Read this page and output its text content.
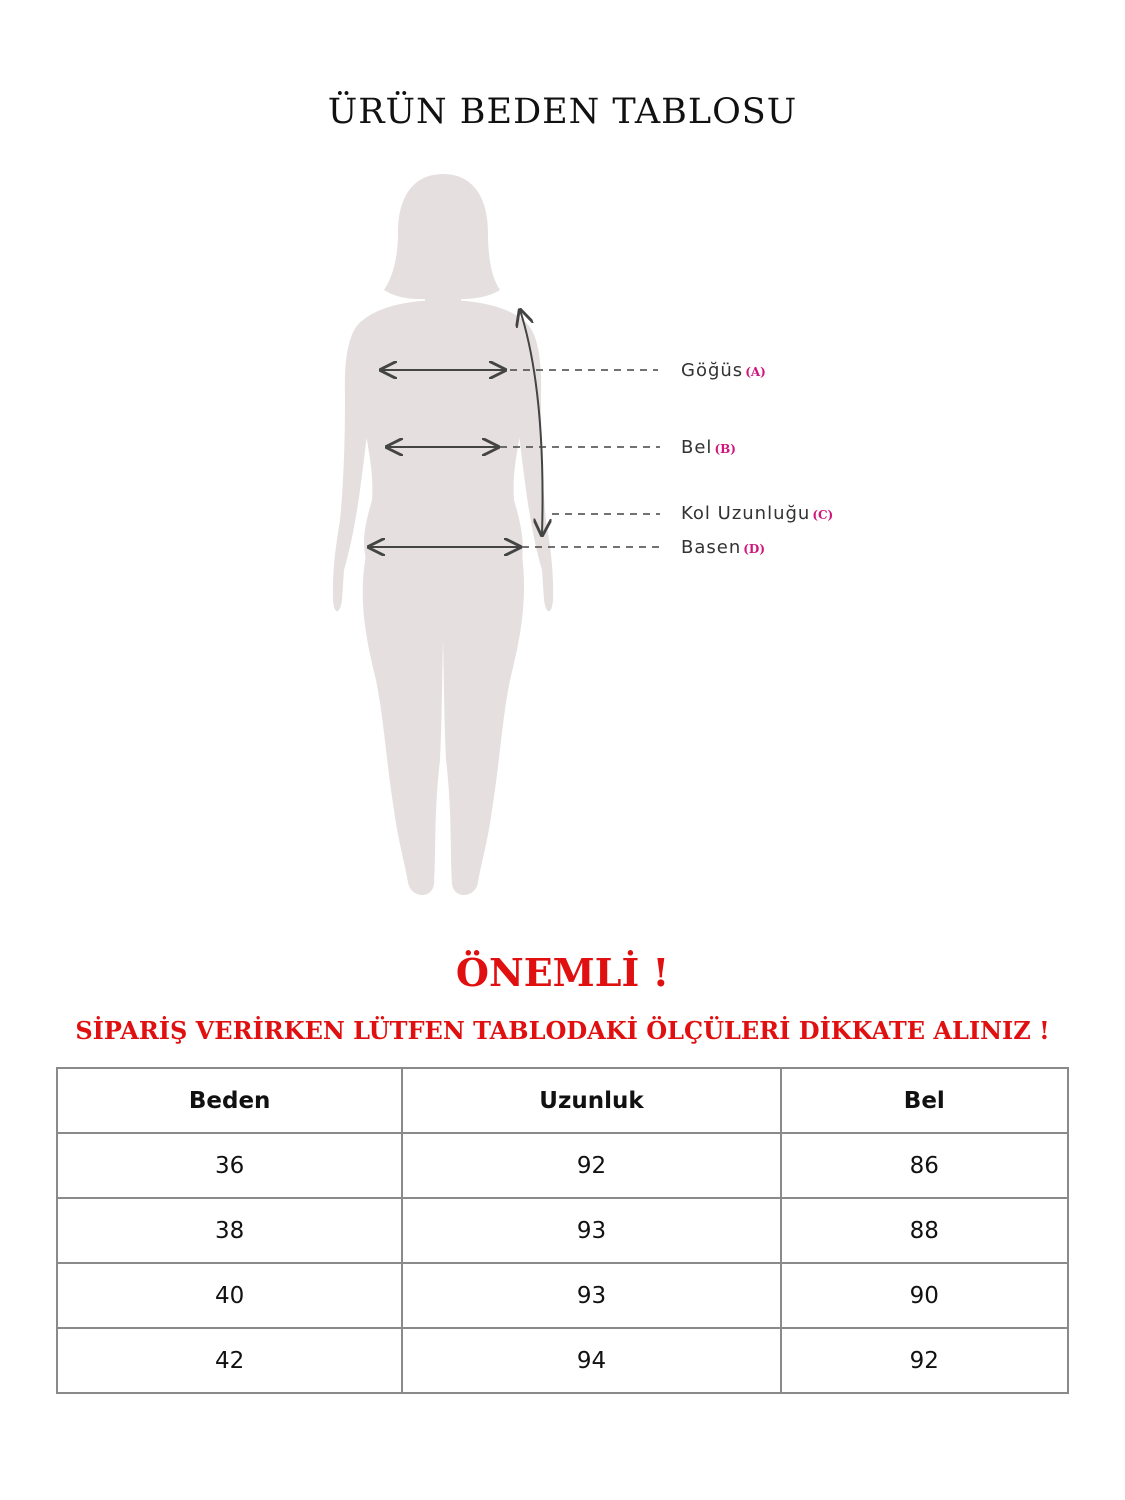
ÜRÜN BEDEN TABLOSU
Göğüs (A)
Bel (B)
Kol Uzunluğu (C)
Basen (D)
ÖNEMLİ !
SİPARİŞ VERİRKEN LÜTFEN TABLODAKİ ÖLÇÜLERİ DİKKATE ALINIZ !
Beden	Uzunluk	Bel
36	92	86
38	93	88
40	93	90
42	94	92
